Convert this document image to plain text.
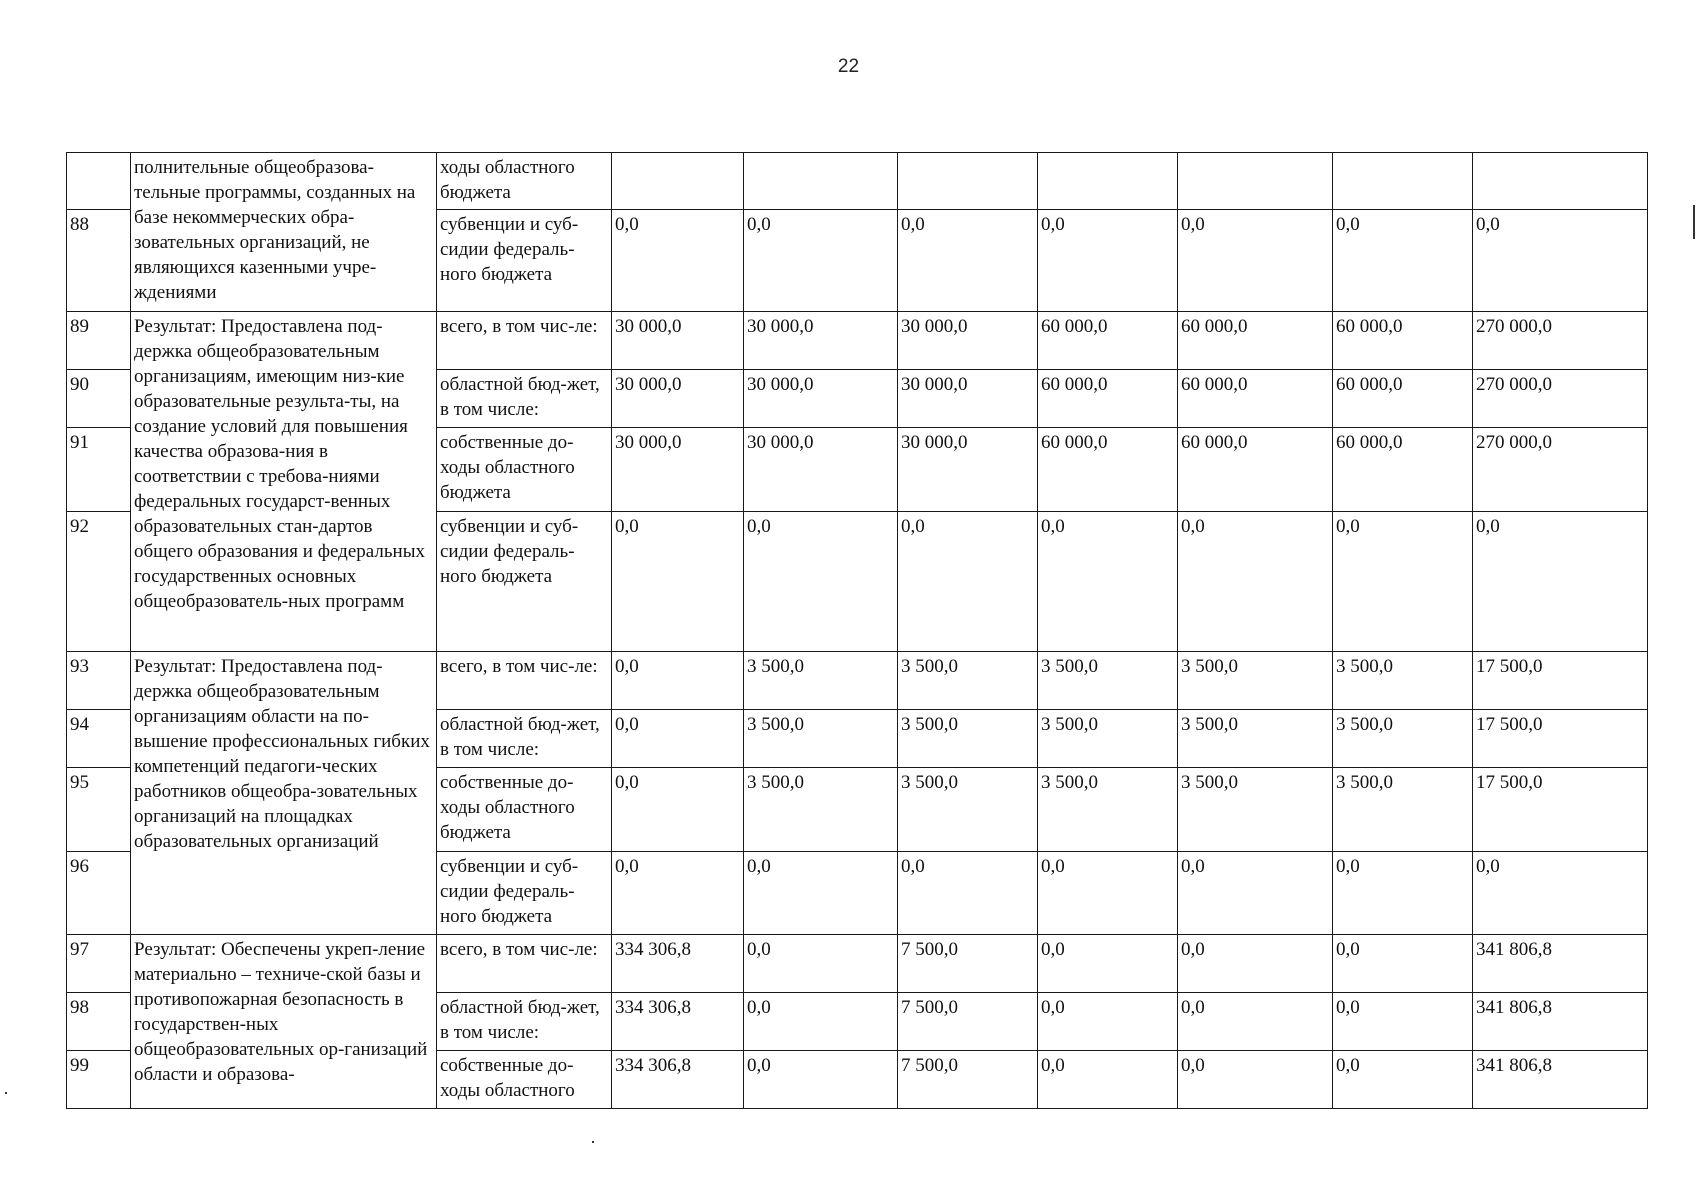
22
	полнительные общеобразова-тельные программы, созданных на базе некоммерческих обра-зовательных организаций, не являющихся казенными учре-ждениями	ходы областного бюджета							
88		субвенции и суб-сидии федераль-ного бюджета	0,0	0,0	0,0	0,0	0,0	0,0	0,0
89	Результат: Предоставлена под-держка общеобразовательным организациям, имеющим низ-кие образовательные результа-ты, на создание условий для повышения качества образова-ния в соответствии с требова-ниями федеральных государст-венных образовательных стан-дартов общего образования и федеральных государственных основных общеобразователь-ных программ	всего, в том чис-ле:	30 000,0	30 000,0	30 000,0	60 000,0	60 000,0	60 000,0	270 000,0
90		областной бюд-жет, в том числе:	30 000,0	30 000,0	30 000,0	60 000,0	60 000,0	60 000,0	270 000,0
91		собственные до-ходы областного бюджета	30 000,0	30 000,0	30 000,0	60 000,0	60 000,0	60 000,0	270 000,0
92		субвенции и суб-сидии федераль-ного бюджета	0,0	0,0	0,0	0,0	0,0	0,0	0,0
93	Результат: Предоставлена под-держка общеобразовательным организациям области на по-вышение профессиональных гибких компетенций педагоги-ческих работников общеобра-зовательных организаций на площадках образовательных организаций	всего, в том чис-ле:	0,0	3 500,0	3 500,0	3 500,0	3 500,0	3 500,0	17 500,0
94		областной бюд-жет, в том числе:	0,0	3 500,0	3 500,0	3 500,0	3 500,0	3 500,0	17 500,0
95		собственные до-ходы областного бюджета	0,0	3 500,0	3 500,0	3 500,0	3 500,0	3 500,0	17 500,0
96		субвенции и суб-сидии федераль-ного бюджета	0,0	0,0	0,0	0,0	0,0	0,0	0,0
97	Результат: Обеспечены укреп-ление материально – техниче-ской базы и противопожарная безопасность в государствен-ных общеобразовательных ор-ганизаций области и образова-	всего, в том чис-ле:	334 306,8	0,0	7 500,0	0,0	0,0	0,0	341 806,8
98		областной бюд-жет, в том числе:	334 306,8	0,0	7 500,0	0,0	0,0	0,0	341 806,8
99		собственные до-ходы областного	334 306,8	0,0	7 500,0	0,0	0,0	0,0	341 806,8
